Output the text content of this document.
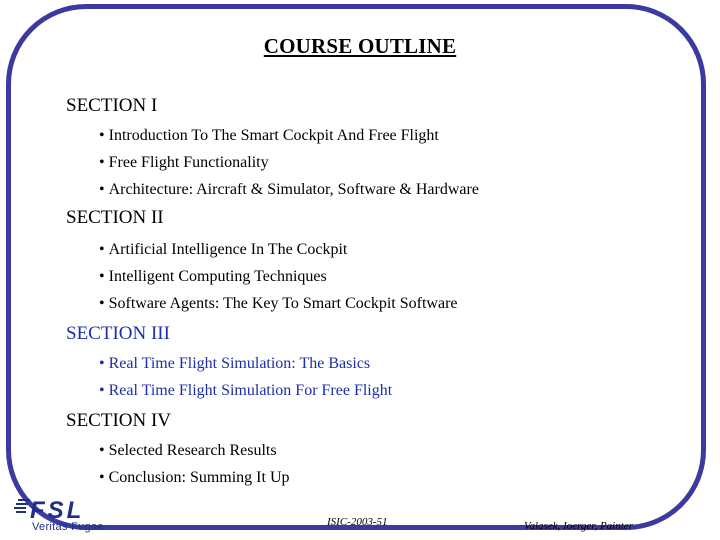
COURSE OUTLINE
SECTION I
• Introduction To The Smart Cockpit And Free Flight
• Free Flight Functionality
• Architecture: Aircraft & Simulator, Software & Hardware
SECTION II
• Artificial Intelligence In The Cockpit
• Intelligent Computing Techniques
• Software Agents: The Key To Smart Cockpit Software
SECTION III
• Real Time Flight Simulation: The Basics
• Real Time Flight Simulation For Free Flight
SECTION IV
• Selected Research Results
• Conclusion: Summing It Up
FSL
Veritas Fugae	ISIC-2003-51	Valasek, Ioerger, Painter
